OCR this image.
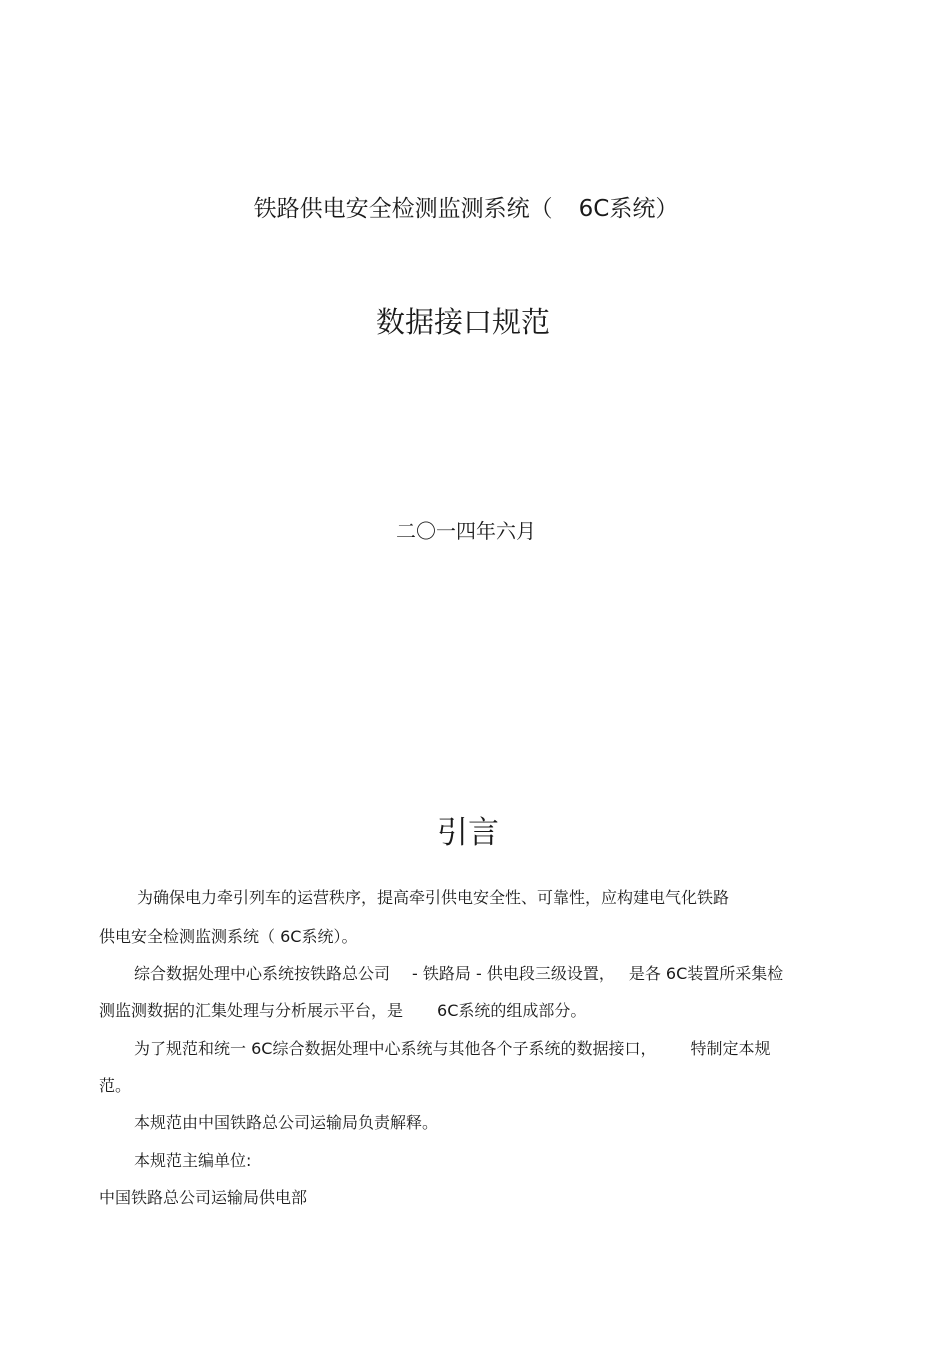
铁路供电安全检测监测系统（ 6C系统）
数据接口规范
二〇一四年六月
引言
为确保电力牵引列车的运营秩序，提高牵引供电安全性、可靠性，应构建电气化铁路
供电安全检测监测系统（ 6C系统）。
综合数据处理中心系统按铁路总公司 - 铁路局 - 供电段三级设置， 是各 6C装置所采集检
测监测数据的汇集处理与分析展示平台，是 6C系统的组成部分。
为了规范和统一 6C综合数据处理中心系统与其他各个子系统的数据接口， 特制定本规
范。
本规范由中国铁路总公司运输局负责解释。
本规范主编单位:
中国铁路总公司运输局供电部
